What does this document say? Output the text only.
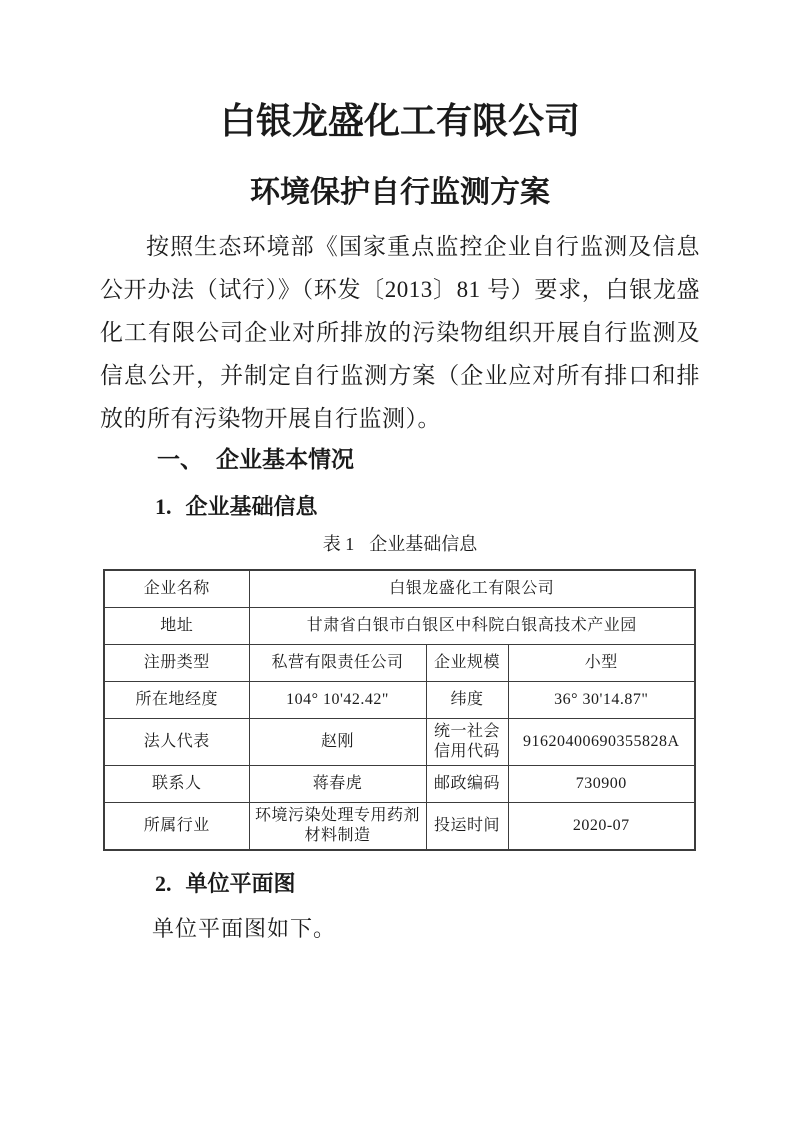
白银龙盛化工有限公司
环境保护自行监测方案

按照生态环境部《国家重点监控企业自行监测及信息公开办法（试行）》（环发〔2013〕81 号）要求，白银龙盛化工有限公司企业对所排放的污染物组织开展自行监测及信息公开，并制定自行监测方案（企业应对所有排口和排放的所有污染物开展自行监测）。

一、 企业基本情况
1. 企业基础信息

表 1 企业基础信息

企业名称	白银龙盛化工有限公司		
地址	甘肃省白银市白银区中科院白银高技术产业园		
注册类型	私营有限责任公司	企业规模	小型
所在地经度	104° 10'42.42"	纬度	36° 30'14.87"
法人代表	赵刚	统一社会信用代码	91620400690355828A
联系人	蒋春虎	邮政编码	730900
所属行业	环境污染处理专用药剂材料制造	投运时间	2020-07
2. 单位平面图

单位平面图如下。
